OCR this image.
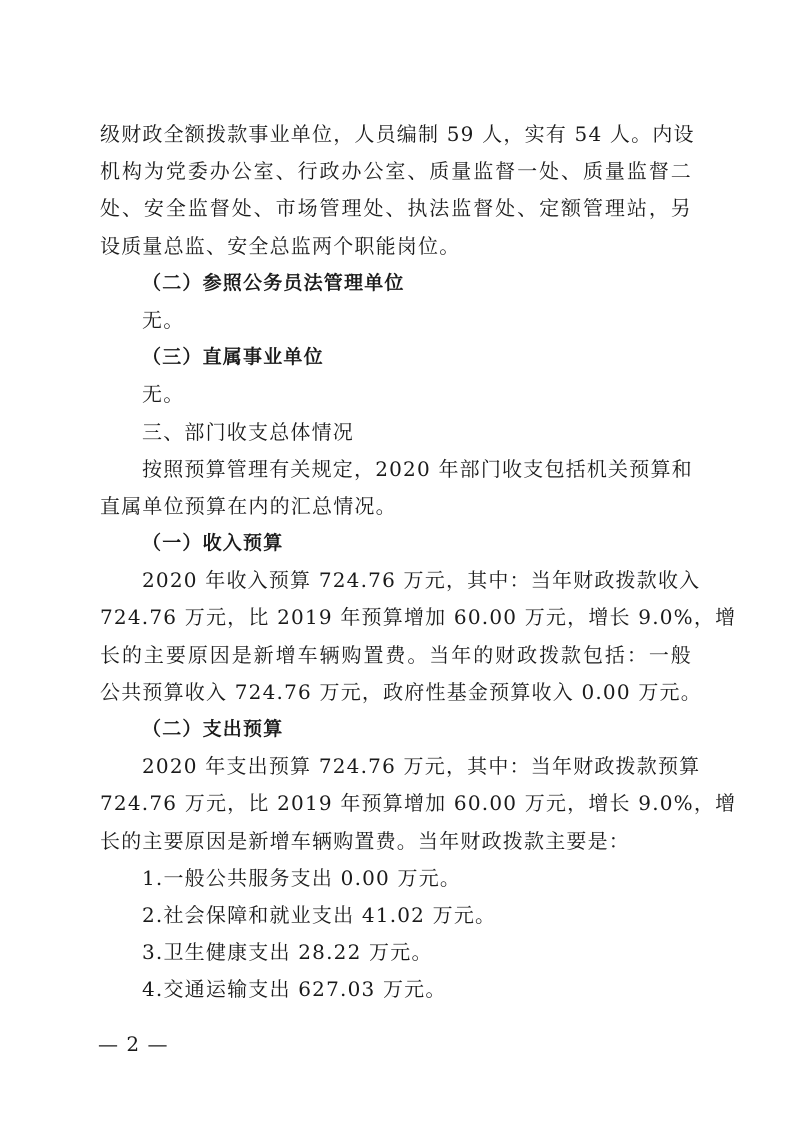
级财政全额拨款事业单位，人员编制 59 人，实有 54 人。内设
机构为党委办公室、行政办公室、质量监督一处、质量监督二
处、安全监督处、市场管理处、执法监督处、定额管理站，另
设质量总监、安全总监两个职能岗位。
（二）参照公务员法管理单位
无。
（三）直属事业单位
无。
三、部门收支总体情况
按照预算管理有关规定，2020 年部门收支包括机关预算和
直属单位预算在内的汇总情况。
（一）收入预算
2020 年收入预算 724.76 万元，其中：当年财政拨款收入
724.76 万元，比 2019 年预算增加 60.00 万元，增长 9.0%，增
长的主要原因是新增车辆购置费。当年的财政拨款包括：一般
公共预算收入 724.76 万元，政府性基金预算收入 0.00 万元。
（二）支出预算
2020 年支出预算 724.76 万元，其中：当年财政拨款预算
724.76 万元，比 2019 年预算增加 60.00 万元，增长 9.0%，增
长的主要原因是新增车辆购置费。当年财政拨款主要是：
1.一般公共服务支出 0.00 万元。
2.社会保障和就业支出 41.02 万元。
3.卫生健康支出 28.22 万元。
4.交通运输支出 627.03 万元。
— 2 —
